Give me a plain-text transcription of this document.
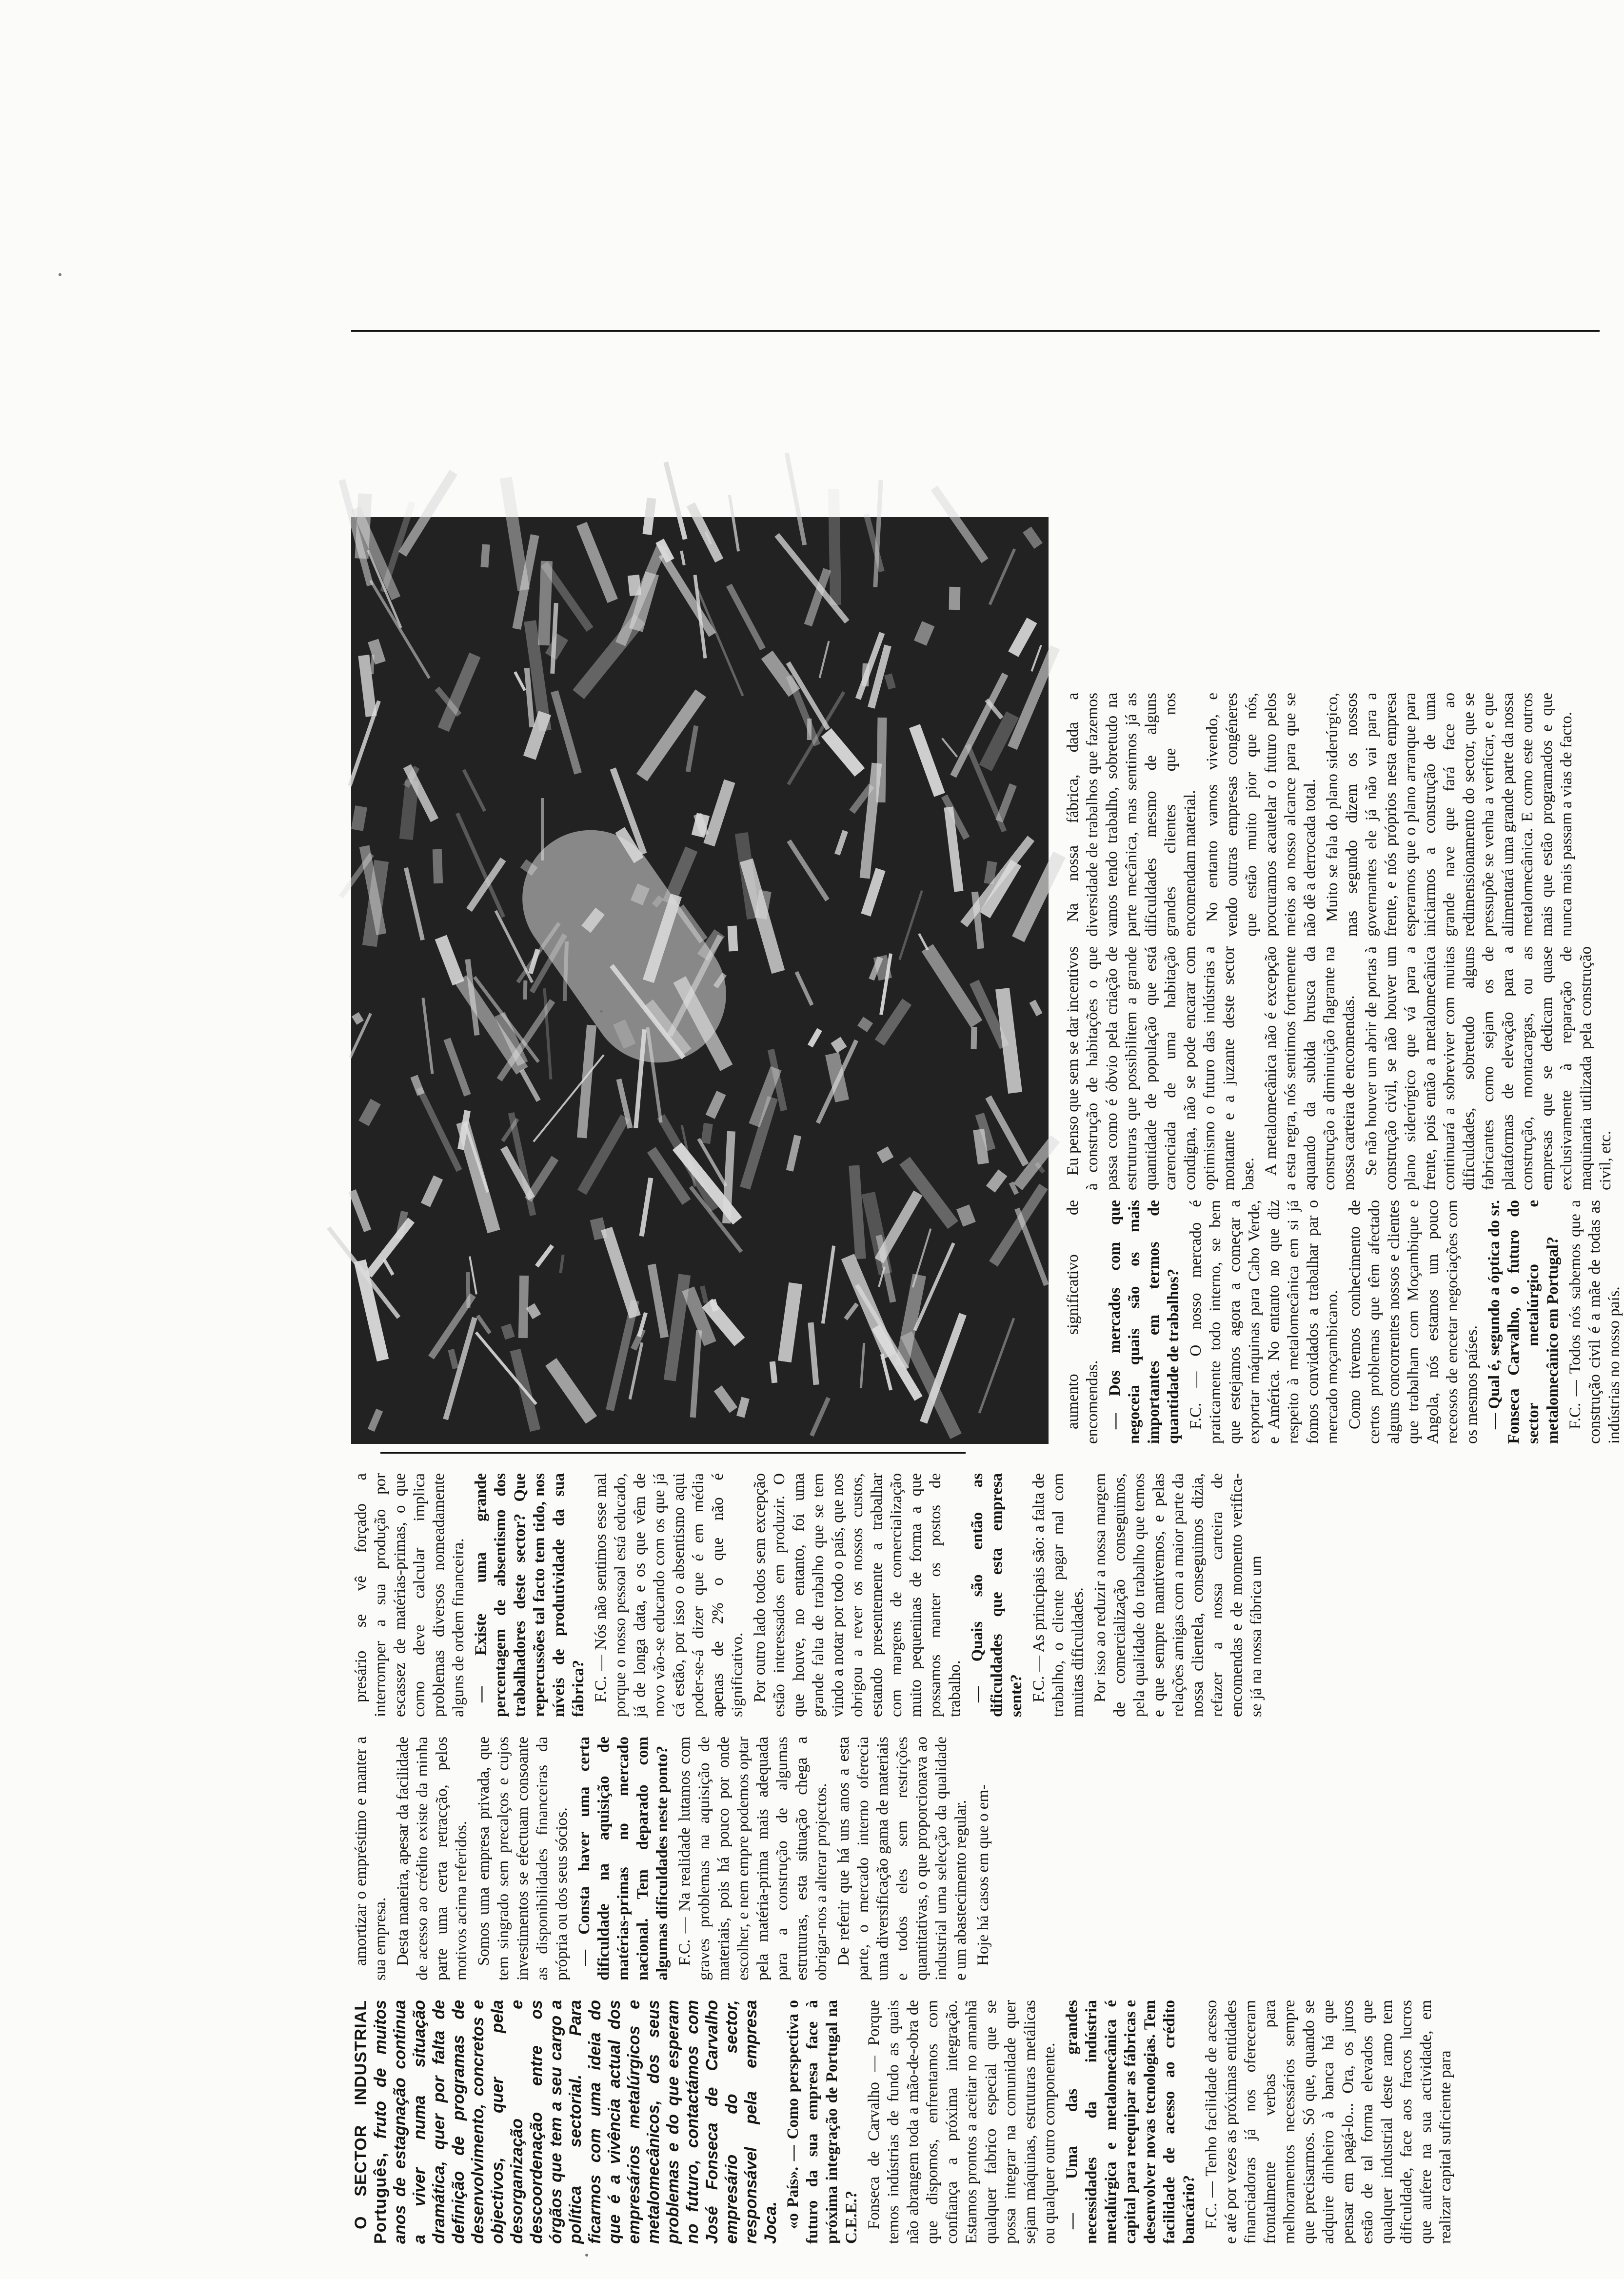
O SECTOR INDUSTRIAL Português, fruto de muitos anos de estagnação continua a viver numa situação dramática, quer por falta de definição de programas de desenvolvimento, concretos e objectivos, quer pela desorganização e descoordenação entre os órgãos que tem a seu cargo a política sectorial. Para ficarmos com uma ideia do que é a vivência actual dos empresários metalúrgicos e metalomecânicos, dos seus problemas e do que esperam no futuro, contactámos com José Fonseca de Carvalho empresário do sector, responsável pela empresa Joca. «o País». — Como perspectiva o futuro da sua empresa face à próxima integração de Portugal na C.E.E.? Fonseca de Carvalho — Porque temos indústrias de fundo as quais não abrangem toda a mão-de-obra de que dispomos, enfrentamos com confiança a próxima integração. Estamos prontos a aceitar no amanhã qualquer fabrico especial que se possa integrar na comunidade quer sejam máquinas, estruturas metálicas ou qualquer outro componente. — Uma das grandes necessidades da indústria metalúrgica e metalomecânica é capital para reequipar as fábricas e desenvolver novas tecnologias. Tem facilidade de acesso ao crédito bancário? F.C. — Tenho facilidade de acesso e até por vezes as próximas entidades financiadoras já nos ofereceram frontalmente verbas para melhoramentos necessários sempre que precisarmos. Só que, quando se adquire dinheiro à banca há que pensar em pagá-lo... Ora, os juros estão de tal forma elevados que qualquer industrial deste ramo tem dificuldade, face aos fracos lucros que aufere na sua actividade, em realizar capital suficiente para

amortizar o empréstimo e manter a sua empresa. Desta maneira, apesar da facilidade de acesso ao crédito existe da minha parte uma certa retracção, pelos motivos acima referidos. Somos uma empresa privada, que tem singrado sem precalços e cujos investimentos se efectuam consoante as disponibilidades financeiras da própria ou dos seus sócios. — Consta haver uma certa dificuldade na aquisição de matérias-primas no mercado nacional. Tem deparado com algumas dificuldades neste ponto? F.C. — Na realidade lutamos com graves problemas na aquisição de materiais, pois há pouco por onde escolher, e nem empre podemos optar pela matéria-prima mais adequada para a construção de algumas estruturas, esta situação chega a obrigar-nos a alterar projectos. De referir que há uns anos a esta parte, o mercado interno oferecia uma diversificação gama de materiais e todos eles sem restrições quantitativas, o que proporcionava ao industrial uma selecção da qualidade e um abastecimento regular. Hoje há casos em que o em-

presário se vê forçado a interromper a sua produção por escassez de matérias-primas, o que como deve calcular implica problemas diversos nomeadamente alguns de ordem financeira. — Existe uma grande percentagem de absentismo dos trabalhadores deste sector? Que repercussões tal facto tem tido, nos níveis de produtividade da sua fábrica? F.C. — Nós não sentimos esse mal porque o nosso pessoal está educado, já de longa data, e os que vêm de novo vão-se educando com os que já cá estão, por isso o absentismo aqui poder-se-á dizer que é em média apenas de 2% o que não é significativo. Por outro lado todos sem excepção estão interessados em produzir. O que houve, no entanto, foi uma grande falta de trabalho que se tem vindo a notar por todo o país, que nos obrigou a rever os nossos custos, estando presentemente a trabalhar com margens de comercialização muito pequeninas de forma a que possamos manter os postos de trabalho. — Quais são então as dificuldades que esta empresa sente? F.C. — As principais são: a falta de trabalho, o cliente pagar mal com muitas dificuldades. Por isso ao reduzir a nossa margem de comercialização conseguimos, pela qualidade do trabalho que temos e que sempre mantivemos, e pelas relações amigas com a maior parte da nossa clientela, conseguimos dizia, refazer a nossa carteira de encomendas e de momento verifica-se já na nossa fábrica um

aumento significativo de encomendas. — Dos mercados com que negoceia quais são os mais importantes em termos de quantidade de trabalhos? F.C. — O nosso mercado é praticamente todo interno, se bem que estejamos agora a começar a exportar máquinas para Cabo Verde, e América. No entanto no que diz respeito à metalomecânica em si já fomos convidados a trabalhar par o mercado moçambicano. Como tivemos conhecimento de certos problemas que têm afectado alguns concorrentes nossos e clientes que trabalham com Moçambique e Angola, nós estamos um pouco receosos de encetar negociações com os mesmos países. — Qual é, segundo a óptica do sr. Fonseca Carvalho, o futuro do sector metalúrgico e metalomecânico em Portugal? F.C. — Todos nós sabemos que a construção civil é a mãe de todas as indústrias no nosso país.

Eu penso que sem se dar incentivos à construção de habitações o que passa como é óbvio pela criação de estruturas que possibilitem a grande quantidade de população que está carenciada de uma habitação condigna, não se pode encarar com optimismo o futuro das indústrias a montante e a juzante deste sector base. A metalomecânica não é excepção a esta regra, nós sentimos fortemente aquando da subida brusca da construção a diminuição flagrante na nossa carteira de encomendas. Se não houver um abrir de portas à construção civil, se não houver um plano siderúrgico que vá para a frente, pois então a metalomecânica continuará a sobreviver com muitas dificuldades, sobretudo alguns fabricantes como sejam os de plataformas de elevação para a construção, montacargas, ou as empresas que se dedicam quase exclusivamente à reparação de maquinaria utilizada pela construção civil, etc.

Na nossa fábrica, dada a diversidade de trabalhos que fazemos vamos tendo trabalho, sobretudo na parte mecânica, mas sentimos já as dificuldades mesmo de alguns grandes clientes que nos encomendam material. No entanto vamos vivendo, e vendo outras empresas congéneres que estão muito pior que nós, procuramos acautelar o futuro pelos meios ao nosso alcance para que se não dê a derrocada total. Muito se fala do plano siderúrgico, mas segundo dizem os nossos governantes ele já não vai para a frente, e nós próprios nesta empresa esperamos que o plano arranque para iniciarmos a construção de uma grande nave que fará face ao redimensionamento do sector, que se pressupõe se venha a verificar, e que alimentará uma grande parte da nossa metalomecânica. E como este outros mais que estão programados e que nunca mais passam a vias de facto.
